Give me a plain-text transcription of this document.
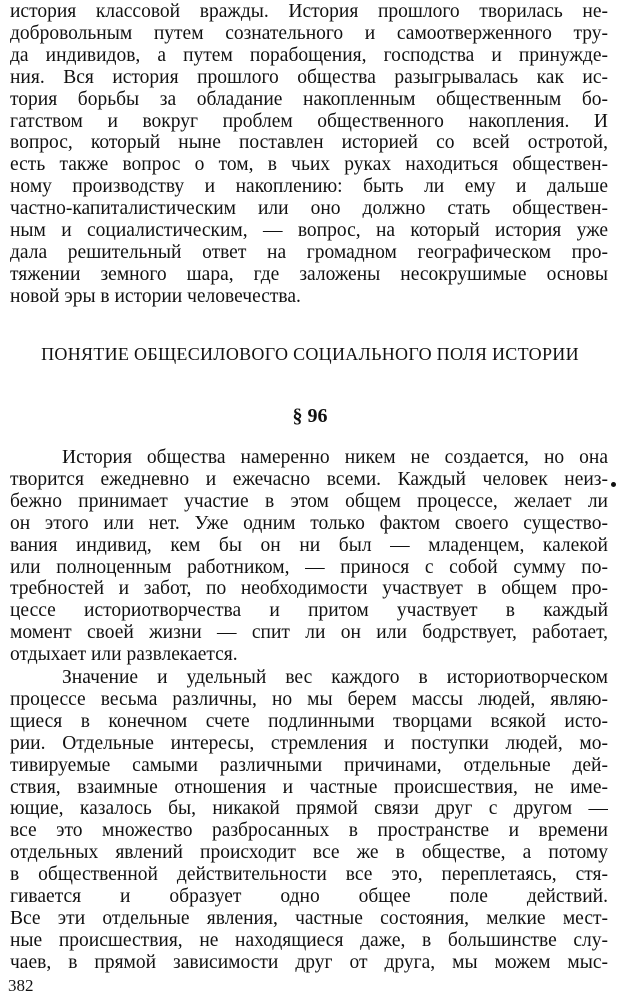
история классовой вражды. История прошлого творилась не-
добровольным путем сознательного и самоотверженного тру-
да индивидов, а путем порабощения, господства и принужде-
ния. Вся история прошлого общества разыгрывалась как ис-
тория борьбы за обладание накопленным общественным бо-
гатством и вокруг проблем общественного накопления. И
вопрос, который ныне поставлен историей со всей остротой,
есть также вопрос о том, в чьих руках находиться обществен-
ному производству и накоплению: быть ли ему и дальше
частно-капиталистическим или оно должно стать обществен-
ным и социалистическим, — вопрос, на который история уже
дала решительный ответ на громадном географическом про-
тяжении земного шара, где заложены несокрушимые основы
новой эры в истории человечества.
ПОНЯТИЕ ОБЩЕСИЛОВОГО СОЦИАЛЬНОГО ПОЛЯ ИСТОРИИ
§ 96
История общества намеренно никем не создается, но она
творится ежедневно и ежечасно всеми. Каждый человек неиз-
бежно принимает участие в этом общем процессе, желает ли
он этого или нет. Уже одним только фактом своего существо-
вания индивид, кем бы он ни был — младенцем, калекой
или полноценным работником, — принося с собой сумму по-
требностей и забот, по необходимости участвует в общем про-
цессе историотворчества и притом участвует в каждый
момент своей жизни — спит ли он или бодрствует, работает,
отдыхает или развлекается.
Значение и удельный вес каждого в историотворческом
процессе весьма различны, но мы берем массы людей, являю-
щиеся в конечном счете подлинными творцами всякой исто-
рии. Отдельные интересы, стремления и поступки людей, мо-
тивируемые самыми различными причинами, отдельные дей-
ствия, взаимные отношения и частные происшествия, не име-
ющие, казалось бы, никакой прямой связи друг с другом —
все это множество разбросанных в пространстве и времени
отдельных явлений происходит все же в обществе, а потому
в общественной действительности все это, переплетаясь, стя-
гивается и образует одно общее поле действий.
Все эти отдельные явления, частные состояния, мелкие мест-
ные происшествия, не находящиеся даже, в большинстве слу-
чаев, в прямой зависимости друг от друга, мы можем мыс-
382
